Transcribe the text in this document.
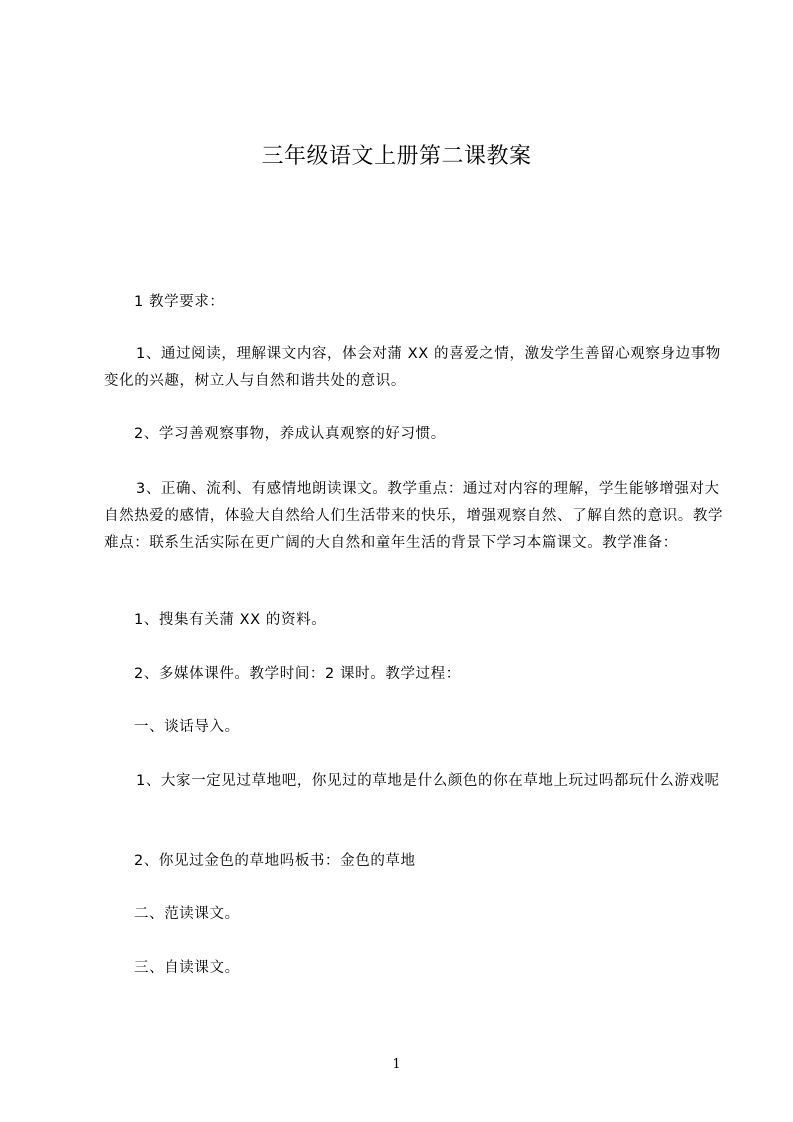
三年级语文上册第二课教案
1 教学要求：
1、通过阅读，理解课文内容，体会对蒲 XX 的喜爱之情，激发学生善留心观察身边事物变化的兴趣，树立人与自然和谐共处的意识。
2、学习善观察事物，养成认真观察的好习惯。
3、正确、流利、有感情地朗读课文。教学重点：通过对内容的理解，学生能够增强对大自然热爱的感情，体验大自然给人们生活带来的快乐，增强观察自然、了解自然的意识。教学难点：联系生活实际在更广阔的大自然和童年生活的背景下学习本篇课文。教学准备：
1、搜集有关蒲 XX 的资料。
2、多媒体课件。教学时间：2 课时。教学过程：
一、谈话导入。
1、大家一定见过草地吧，你见过的草地是什么颜色的你在草地上玩过吗都玩什么游戏呢
2、你见过金色的草地吗板书：金色的草地
二、范读课文。
三、自读课文。
1
